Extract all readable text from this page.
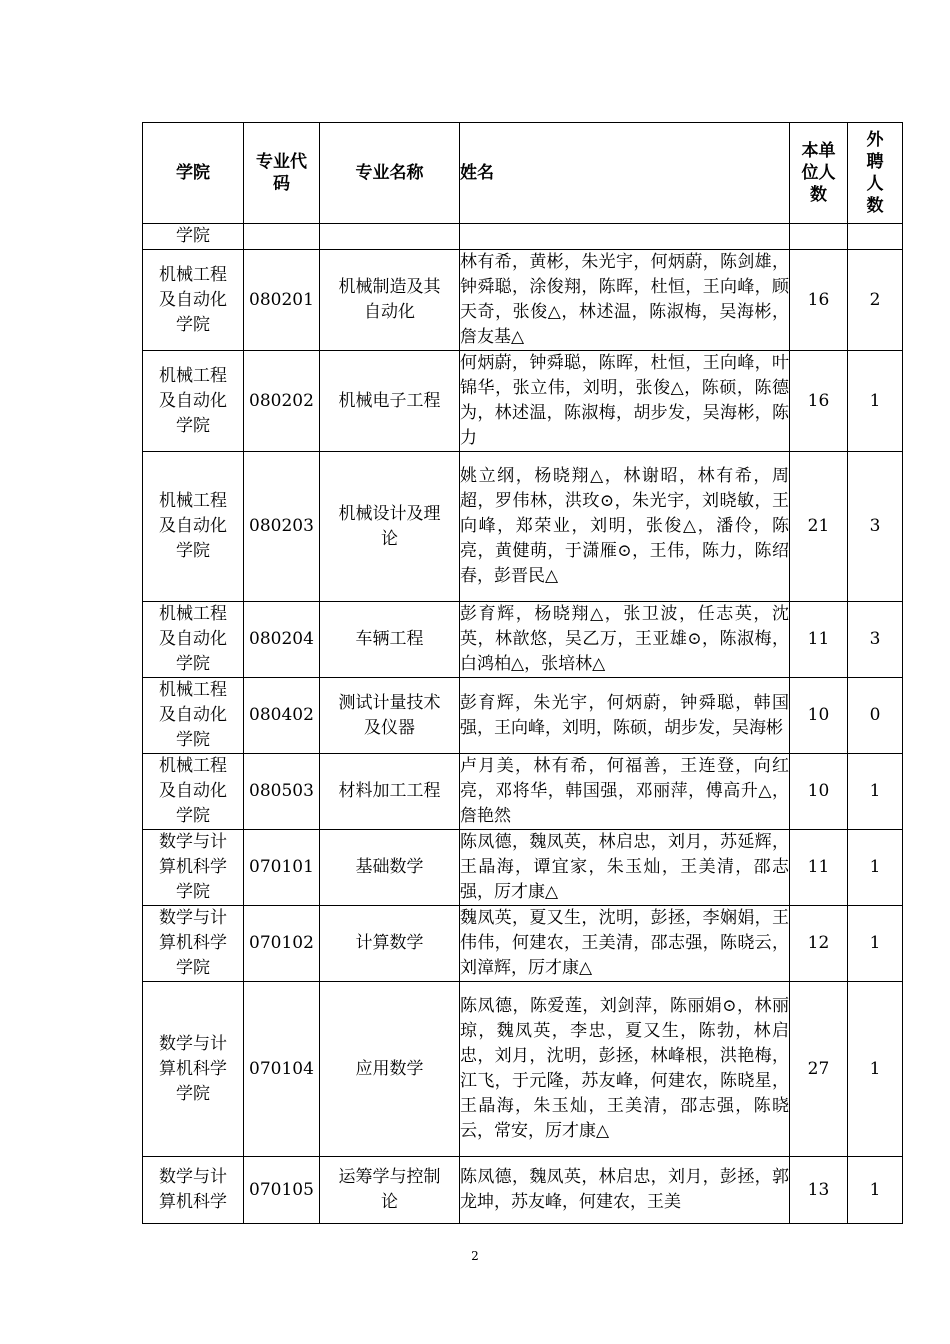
学院	专业代
码	专业名称	姓名	本单
位人
数	外
聘
人
数

学院					

机械工程
及自动化
学院	080201	机械制造及其
自动化	林有希，黄彬，朱光宇，何炳蔚，陈剑雄，钟舜聪，涂俊翔，陈晖，杜恒，王向峰，顾天奇，张俊△，林述温，陈淑梅，吴海彬，詹友基△	16	2

机械工程
及自动化
学院	080202	机械电子工程	何炳蔚，钟舜聪，陈晖，杜恒，王向峰，叶锦华，张立伟，刘明，张俊△，陈硕，陈德为，林述温，陈淑梅，胡步发，吴海彬，陈力	16	1

机械工程
及自动化
学院	080203	机械设计及理
论	姚立纲，杨晓翔△，林谢昭，林有希，周超，罗伟林，洪玫⊙，朱光宇，刘晓敏，王向峰，郑荣业，刘明，张俊△，潘伶，陈亮，黄健萌，于潇雁⊙，王伟，陈力，陈绍春，彭晋民△	21	3

机械工程
及自动化
学院	080204	车辆工程	彭育辉，杨晓翔△，张卫波，任志英，沈英，林歆悠，吴乙万，王亚雄⊙，陈淑梅，白鸿柏△，张培林△	11	3

机械工程
及自动化
学院	080402	测试计量技术
及仪器	彭育辉，朱光宇，何炳蔚，钟舜聪，韩国强，王向峰，刘明，陈硕，胡步发，吴海彬	10	0

机械工程
及自动化
学院	080503	材料加工工程	卢月美，林有希，何福善，王连登，向红亮，邓将华，韩国强，邓丽萍，傅高升△，詹艳然	10	1

数学与计
算机科学
学院	070101	基础数学	陈凤德，魏凤英，林启忠，刘月，苏延辉，王晶海，谭宜家，朱玉灿，王美清，邵志强，厉才康△	11	1

数学与计
算机科学
学院	070102	计算数学	魏凤英，夏又生，沈明，彭拯，李娴娟，王伟伟，何建农，王美清，邵志强，陈晓云，刘漳辉，厉才康△	12	1

数学与计
算机科学
学院	070104	应用数学	陈凤德，陈爱莲，刘剑萍，陈丽娟⊙，林丽琼，魏凤英，李忠，夏又生，陈勃，林启忠，刘月，沈明，彭拯，林峰根，洪艳梅，江飞，于元隆，苏友峰，何建农，陈晓星，王晶海，朱玉灿，王美清，邵志强，陈晓云，常安，厉才康△	27	1

数学与计
算机科学	070105	运筹学与控制
论	陈凤德，魏凤英，林启忠，刘月，彭拯，郭龙坤，苏友峰，何建农，王美	13	1
2
